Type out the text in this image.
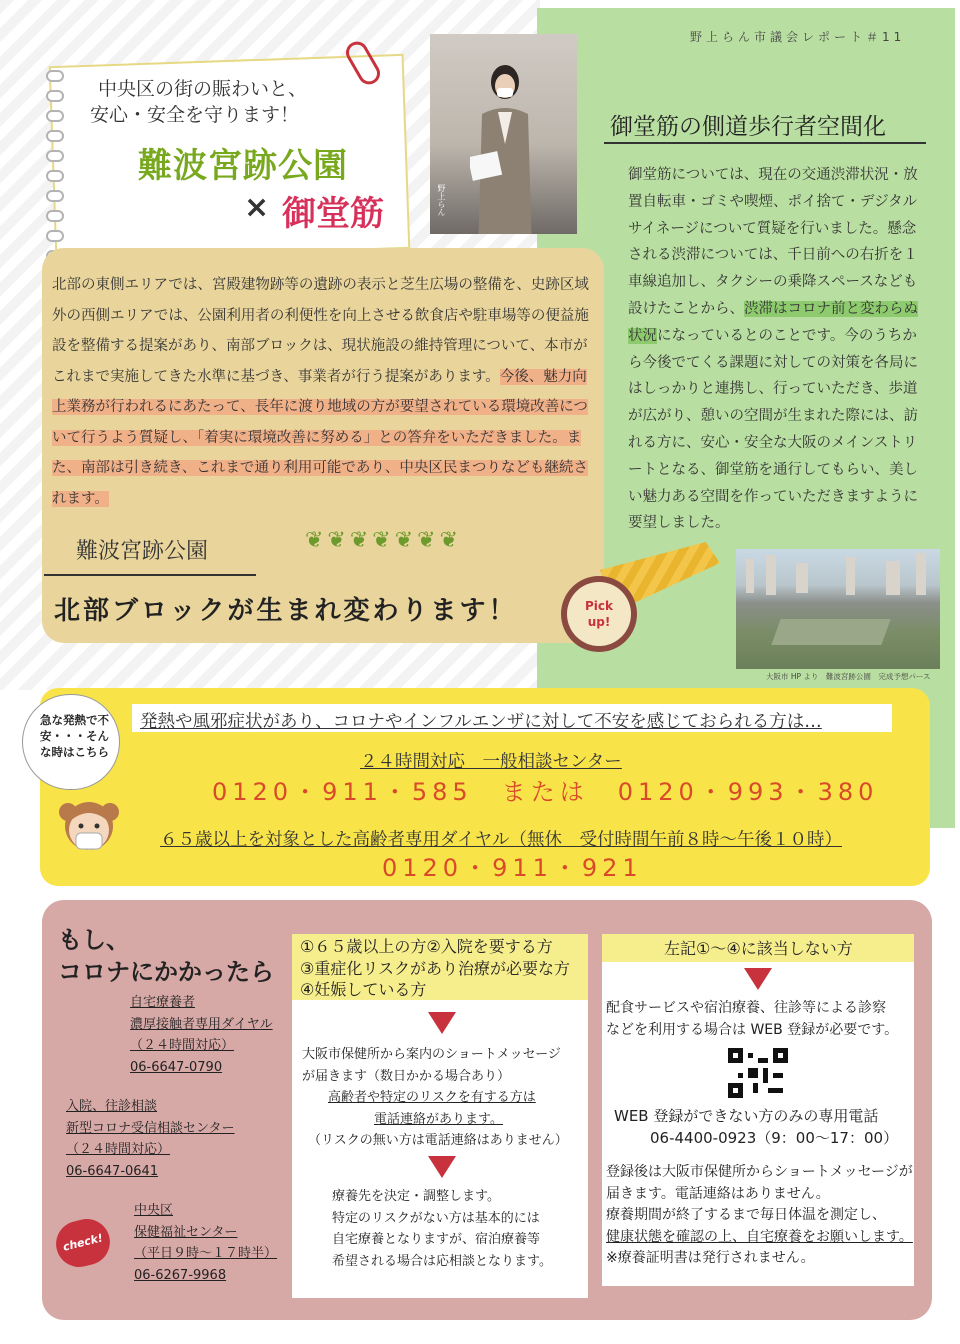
野上らん市議会レポート＃11
中央区の街の賑わいと、
安心・安全を守ります！
難波宮跡公園
× 御堂筋	野上らん
北部の東側エリアでは、宮殿建物跡等の遺跡の表示と芝生広場の整備を、史跡区域外の西側エリアでは、公園利用者の利便性を向上させる飲食店や駐車場等の便益施設を整備する提案があり、南部ブロックは、現状施設の維持管理について、本市がこれまで実施してきた水準に基づき、事業者が行う提案があります。今後、魅力向上業務が行われるにあたって、長年に渡り地域の方が要望されている環境改善について行うよう質疑し、「着実に環境改善に努める」との答弁をいただきました。また、南部は引き続き、これまで通り利用可能であり、中央区民まつりなども継続されます。
❦❦❦❦❦❦❦
難波宮跡公園
北部ブロックが生まれ変わります！	Pick
up!
御堂筋の側道歩行者空間化
御堂筋については、現在の交通渋滞状況・放置自転車・ゴミや喫煙、ポイ捨て・デジタルサイネージについて質疑を行いました。懸念される渋滞については、千日前への右折を１車線追加し、タクシーの乗降スペースなども設けたことから、渋滞はコロナ前と変わらぬ状況になっているとのことです。今のうちから今後でてくる課題に対しての対策を各局にはしっかりと連携し、行っていただき、歩道が広がり、憩いの空間が生まれた際には、訪れる方に、安心・安全な大阪のメインストリートとなる、御堂筋を通行してもらい、美しい魅力ある空間を作っていただきますように要望しました。
大阪市 HP より　難波宮跡公園　完成予想パース
急な発熱で不安・・・そんな時はこちら
発熱や風邪症状があり、コロナやインフルエンザに対して不安を感じておられる方は…
２４時間対応　一般相談センター
0120・911・585　または　0120・993・380
６５歳以上を対象とした高齢者専用ダイヤル（無休　受付時間午前８時～午後１０時）
0120・911・921
もし、
コロナにかかったら
自宅療養者
濃厚接触者専用ダイヤル
（２４時間対応）
06-6647-0790
入院、往診相談
新型コロナ受信相談センター
（２４時間対応）
06-6647-0641
中央区
保健福祉センター
（平日９時～１７時半）
06-6267-9968
check!
①６５歳以上の方②入院を要する方
③重症化リスクがあり治療が必要な方
④妊娠している方
大阪市保健所から案内のショートメッセージ
が届きます（数日かかる場合あり）
高齢者や特定のリスクを有する方は
電話連絡があります。
（リスクの無い方は電話連絡はありません）
療養先を決定・調整します。
特定のリスクがない方は基本的には
自宅療養となりますが、宿泊療養等
希望される場合は応相談となります。
左記①～④に該当しない方
配食サービスや宿泊療養、往診等による診察
などを利用する場合は WEB 登録が必要です。
WEB 登録ができない方のみの専用電話
06-4400-0923（9：00～17：00）
登録後は大阪市保健所からショートメッセージが
届きます。電話連絡はありません。
療養期間が終了するまで毎日体温を測定し、
健康状態を確認の上、自宅療養をお願いします。
※療養証明書は発行されません。
